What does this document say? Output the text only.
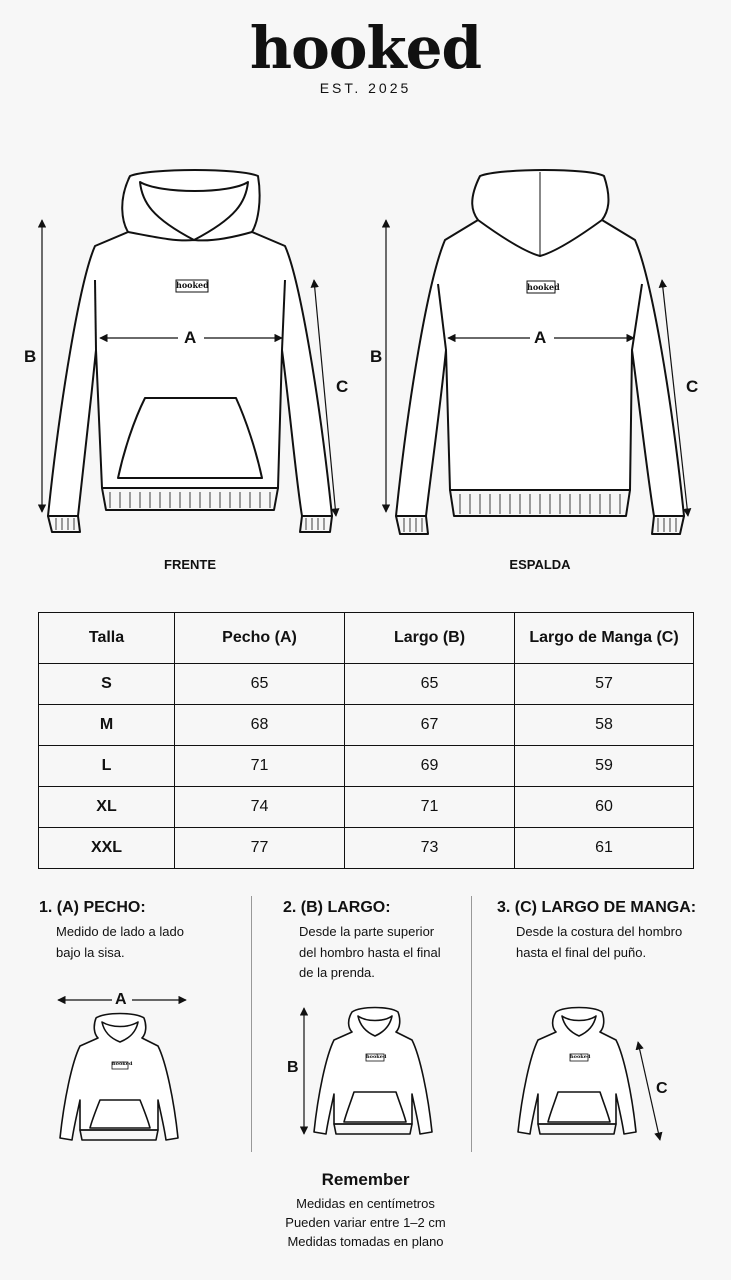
hooked
EST. 2025
hooked
A
B
C
FRENTE
hooked
A
B
C
ESPALDA
Talla	Pecho (A)	Largo (B)	Largo de Manga (C)
S	65	65	57
M	68	67	58
L	71	69	59
XL	74	71	60
XXL	77	73	61
1. (A) PECHO:
Medido de lado a lado
bajo la sisa.
A
hooked
2. (B) LARGO:
Desde la parte superior
del hombro hasta el final
de la prenda.
B
hooked
3. (C) LARGO DE MANGA:
Desde la costura del hombro
hasta el final del puño.
C
hooked
Remember
Medidas en centímetros
Pueden variar entre 1–2 cm
Medidas tomadas en plano
